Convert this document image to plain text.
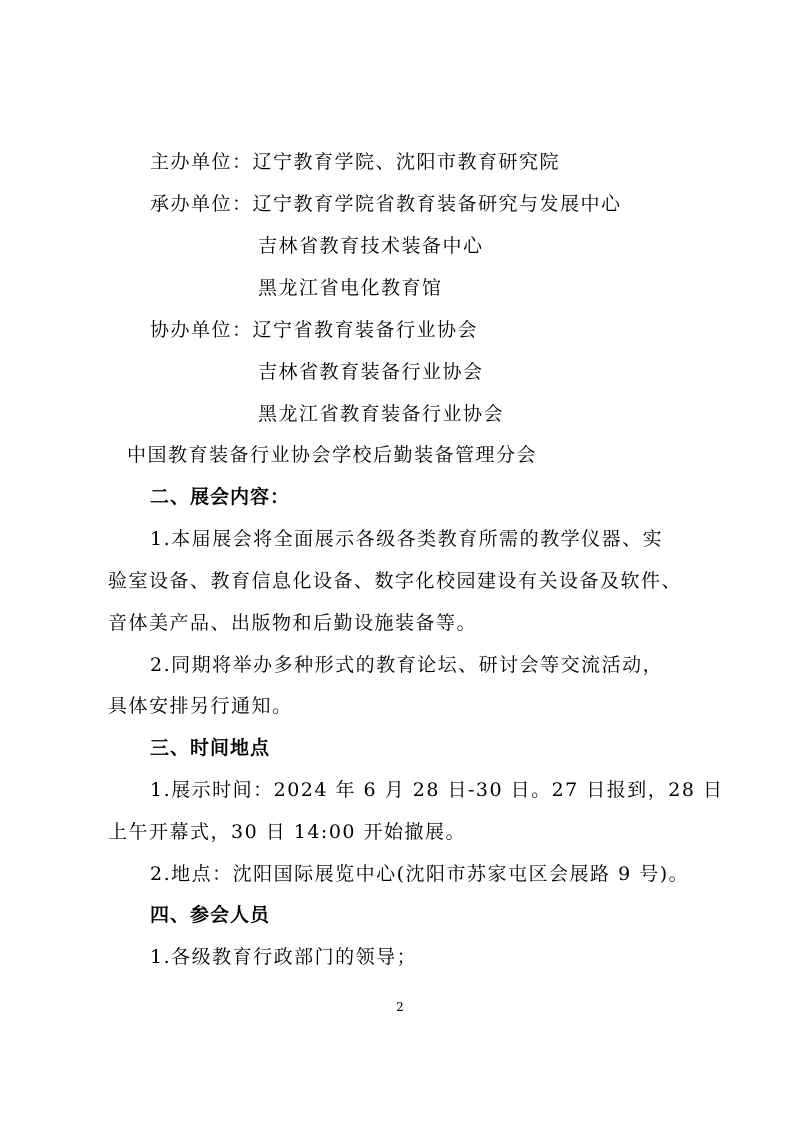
主办单位：辽宁教育学院、沈阳市教育研究院
承办单位：辽宁教育学院省教育装备研究与发展中心
吉林省教育技术装备中心
黑龙江省电化教育馆
协办单位：辽宁省教育装备行业协会
吉林省教育装备行业协会
黑龙江省教育装备行业协会
中国教育装备行业协会学校后勤装备管理分会
二、展会内容：
1.本届展会将全面展示各级各类教育所需的教学仪器、实
验室设备、教育信息化设备、数字化校园建设有关设备及软件、
音体美产品、出版物和后勤设施装备等。
2.同期将举办多种形式的教育论坛、研讨会等交流活动，
具体安排另行通知。
三、时间地点
1.展示时间：2024 年 6 月 28 日-30 日。27 日报到，28 日
上午开幕式，30 日 14:00 开始撤展。
2.地点：沈阳国际展览中心(沈阳市苏家屯区会展路 9 号)。
四、参会人员
1.各级教育行政部门的领导；
2
